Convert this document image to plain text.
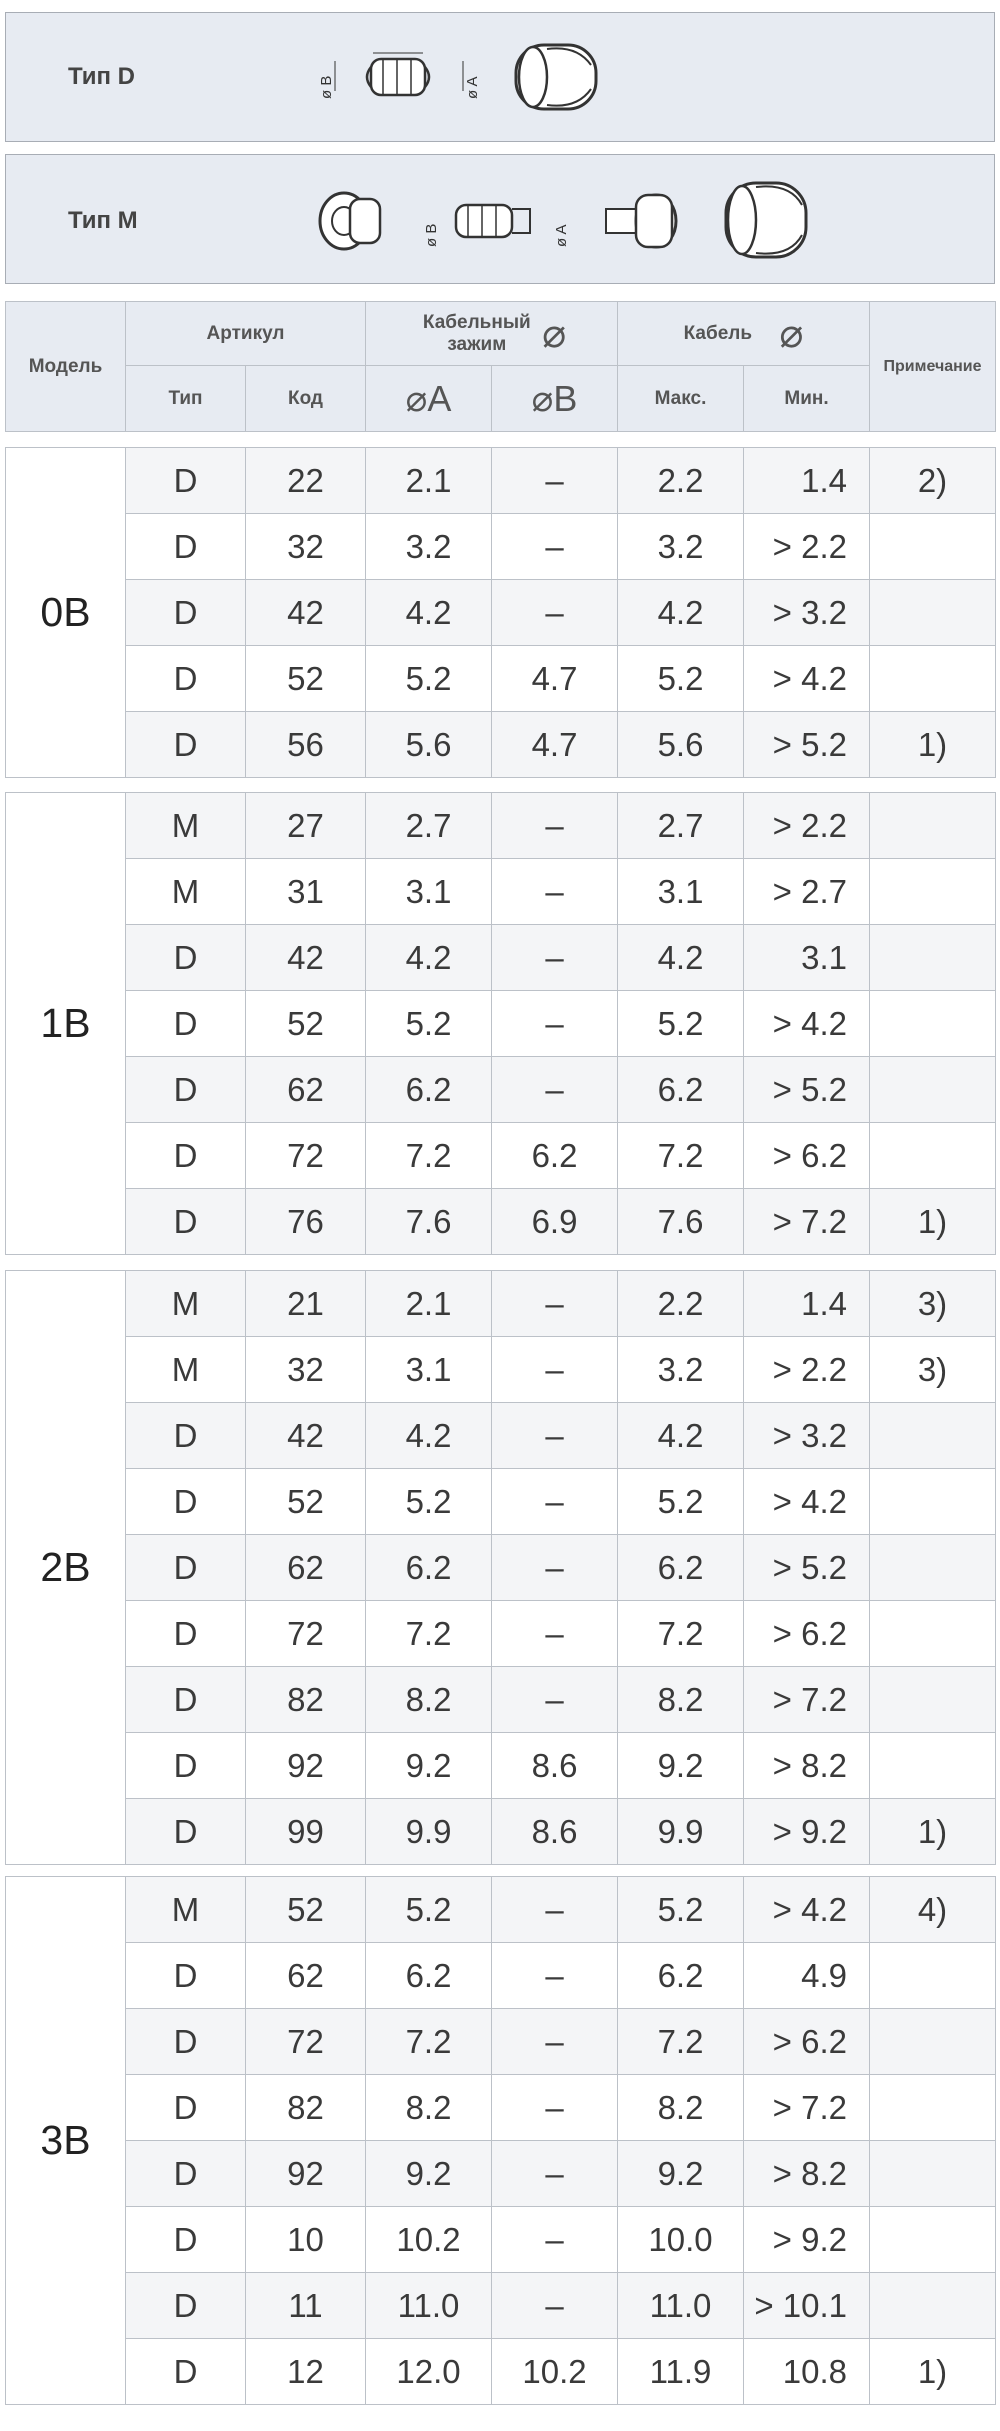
Тип D	ø B	ø A
Тип M
ø B	ø A
Модель	Артикул		Кабельный зажим ⌀		Кабель ⌀		Примечание
	Тип	Код	⌀A	⌀B	Макс.	Мин.	
0B	D	22	2.1	–	2.2	1.4	2)
	D	32	3.2	–	3.2	> 2.2	
	D	42	4.2	–	4.2	> 3.2	
	D	52	5.2	4.7	5.2	> 4.2	
	D	56	5.6	4.7	5.6	> 5.2	1)
1B	M	27	2.7	–	2.7	> 2.2	
	M	31	3.1	–	3.1	> 2.7	
	D	42	4.2	–	4.2	3.1	
	D	52	5.2	–	5.2	> 4.2	
	D	62	6.2	–	6.2	> 5.2	
	D	72	7.2	6.2	7.2	> 6.2	
	D	76	7.6	6.9	7.6	> 7.2	1)
2B	M	21	2.1	–	2.2	1.4	3)
	M	32	3.1	–	3.2	> 2.2	3)
	D	42	4.2	–	4.2	> 3.2	
	D	52	5.2	–	5.2	> 4.2	
	D	62	6.2	–	6.2	> 5.2	
	D	72	7.2	–	7.2	> 6.2	
	D	82	8.2	–	8.2	> 7.2	
	D	92	9.2	8.6	9.2	> 8.2	
	D	99	9.9	8.6	9.9	> 9.2	1)
3B	M	52	5.2	–	5.2	> 4.2	4)
	D	62	6.2	–	6.2	4.9	
	D	72	7.2	–	7.2	> 6.2	
	D	82	8.2	–	8.2	> 7.2	
	D	92	9.2	–	9.2	> 8.2	
	D	10	10.2	–	10.0	> 9.2	
	D	11	11.0	–	11.0	> 10.1	
	D	12	12.0	10.2	11.9	10.8	1)
